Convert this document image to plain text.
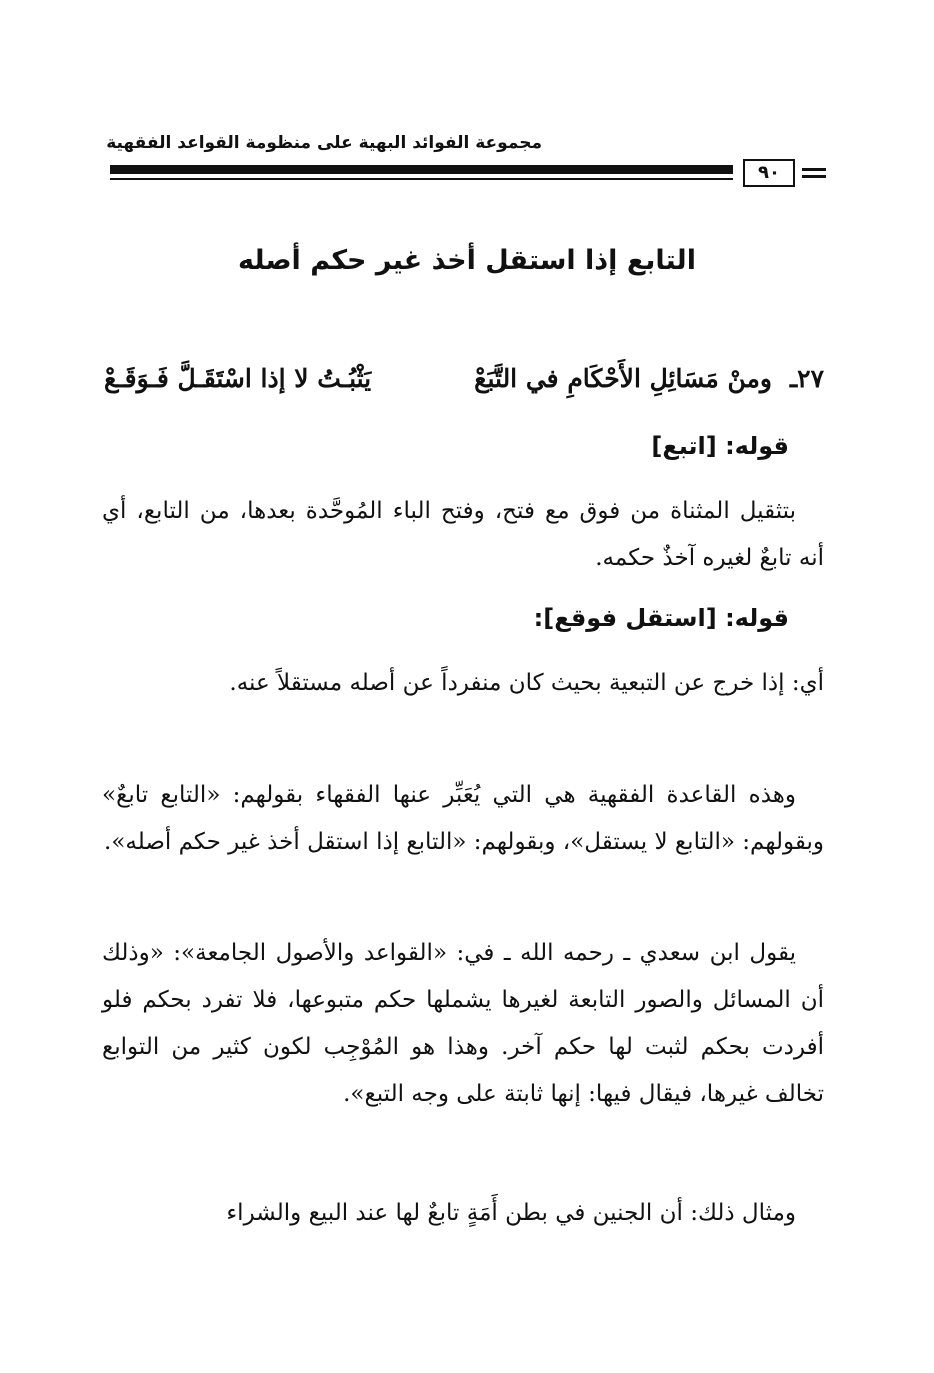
مجموعة الفوائد البهية على منظومة القواعد الفقهية
٩٠
التابع إذا استقل أخذ غير حكم أصله
٢٧ـ
ومنْ مَسَائِلِ الأَحْكَامِ في التَّبَعْ
يَثْبُـتُ لا إذا اسْتَقَـلَّ فَـوَقَـعْ
قوله: [اتبع]
بتثقيل المثناة من فوق مع فتح، وفتح الباء المُوحَّدة بعدها، من التابع، أي أنه تابعٌ لغيره آخذٌ حكمه.
قوله: [استقل فوقع]:
أي: إذا خرج عن التبعية بحيث كان منفرداً عن أصله مستقلاً عنه.
وهذه القاعدة الفقهية هي التي يُعَبِّر عنها الفقهاء بقولهم: «التابع تابعٌ» وبقولهم: «التابع لا يستقل»، وبقولهم: «التابع إذا استقل أخذ غير حكم أصله».
يقول ابن سعدي ـ رحمه الله ـ في: «القواعد والأصول الجامعة»: «وذلك أن المسائل والصور التابعة لغيرها يشملها حكم متبوعها، فلا تفرد بحكم فلو أفردت بحكم لثبت لها حكم آخر. وهذا هو المُوْجِب لكون كثير من التوابع تخالف غيرها، فيقال فيها: إنها ثابتة على وجه التبع».
ومثال ذلك: أن الجنين في بطن أَمَةٍ تابعٌ لها عند البيع والشراء
